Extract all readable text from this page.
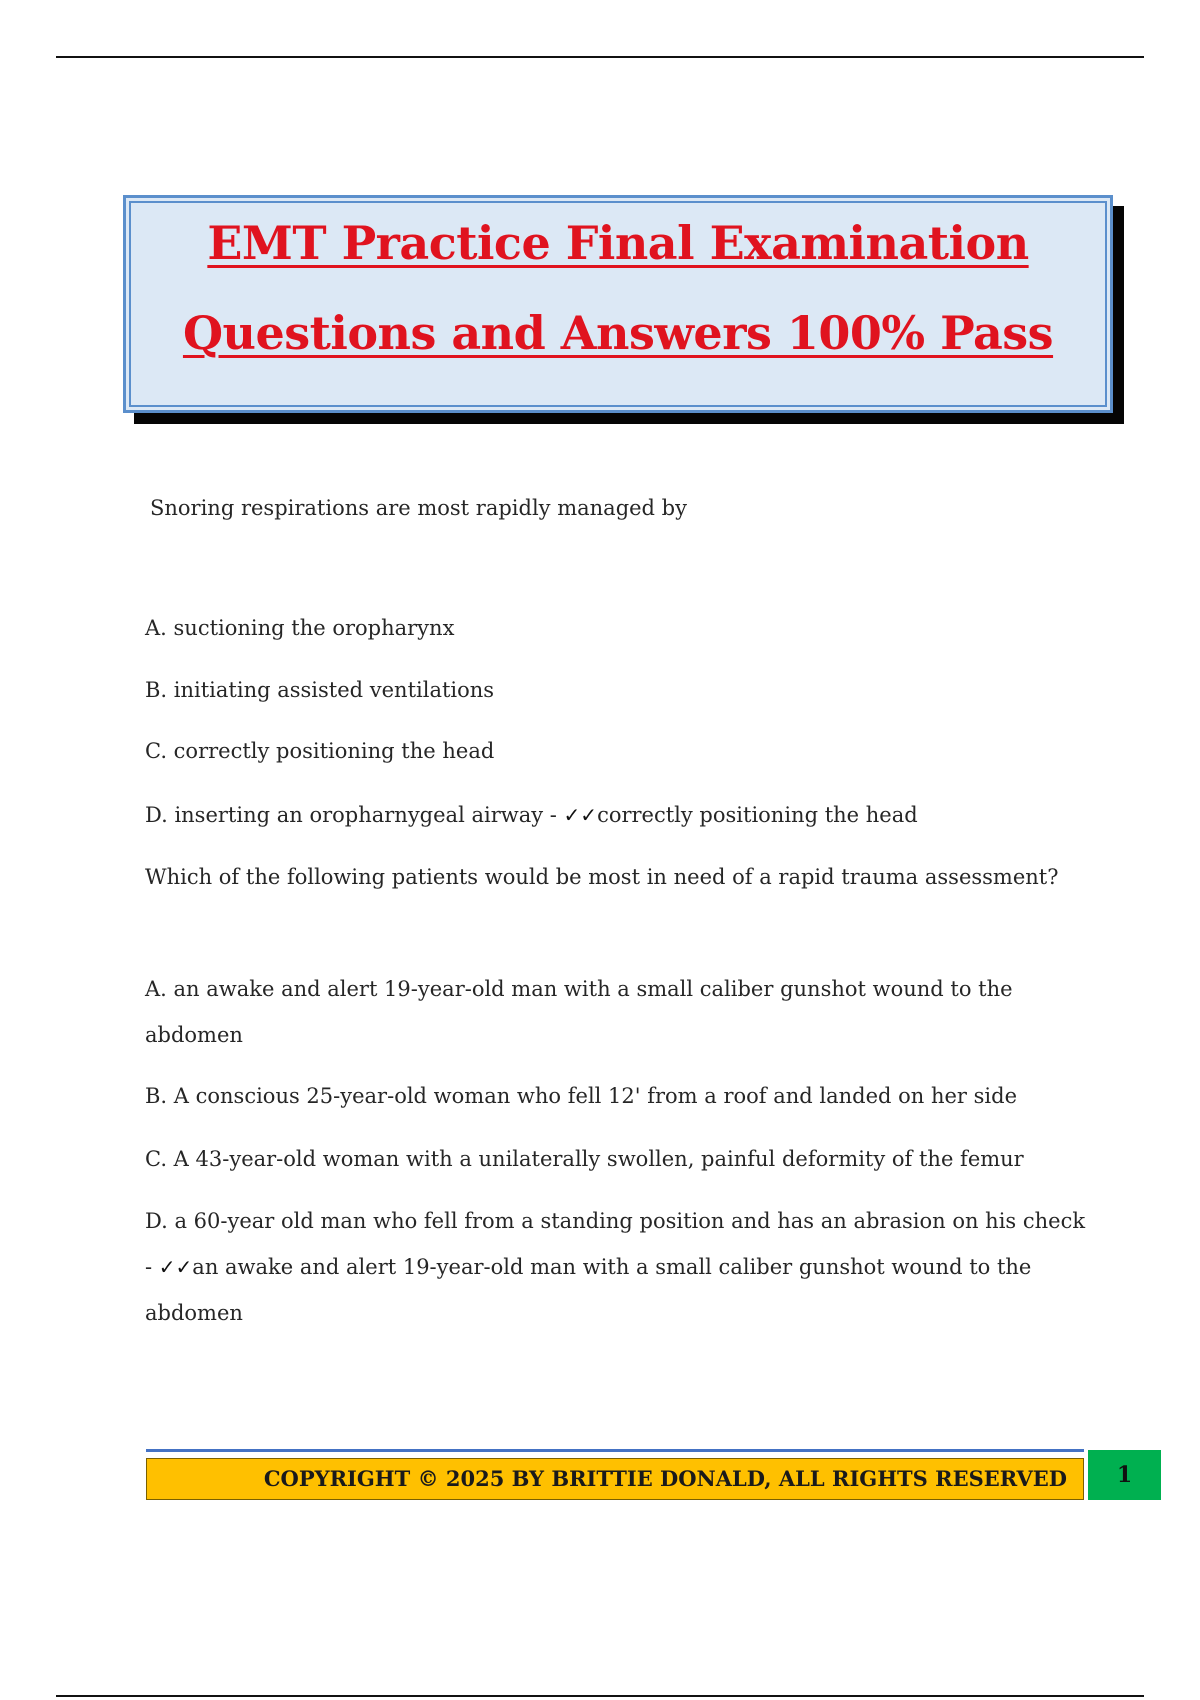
EMT Practice Final Examination
Questions and Answers 100% Pass

Snoring respirations are most rapidly managed by

A. suctioning the oropharynx

B. initiating assisted ventilations

C. correctly positioning the head

D. inserting an oropharnygeal airway - ✓✓correctly positioning the head

Which of the following patients would be most in need of a rapid trauma assessment?

A. an awake and alert 19-year-old man with a small caliber gunshot wound to the abdomen

B. A conscious 25-year-old woman who fell 12' from a roof and landed on her side

C. A 43-year-old woman with a unilaterally swollen, painful deformity of the femur

D. a 60-year old man who fell from a standing position and has an abrasion on his check - ✓✓an awake and alert 19-year-old man with a small caliber gunshot wound to the abdomen

COPYRIGHT © 2025 BY BRITTIE DONALD, ALL RIGHTS RESERVED	1
